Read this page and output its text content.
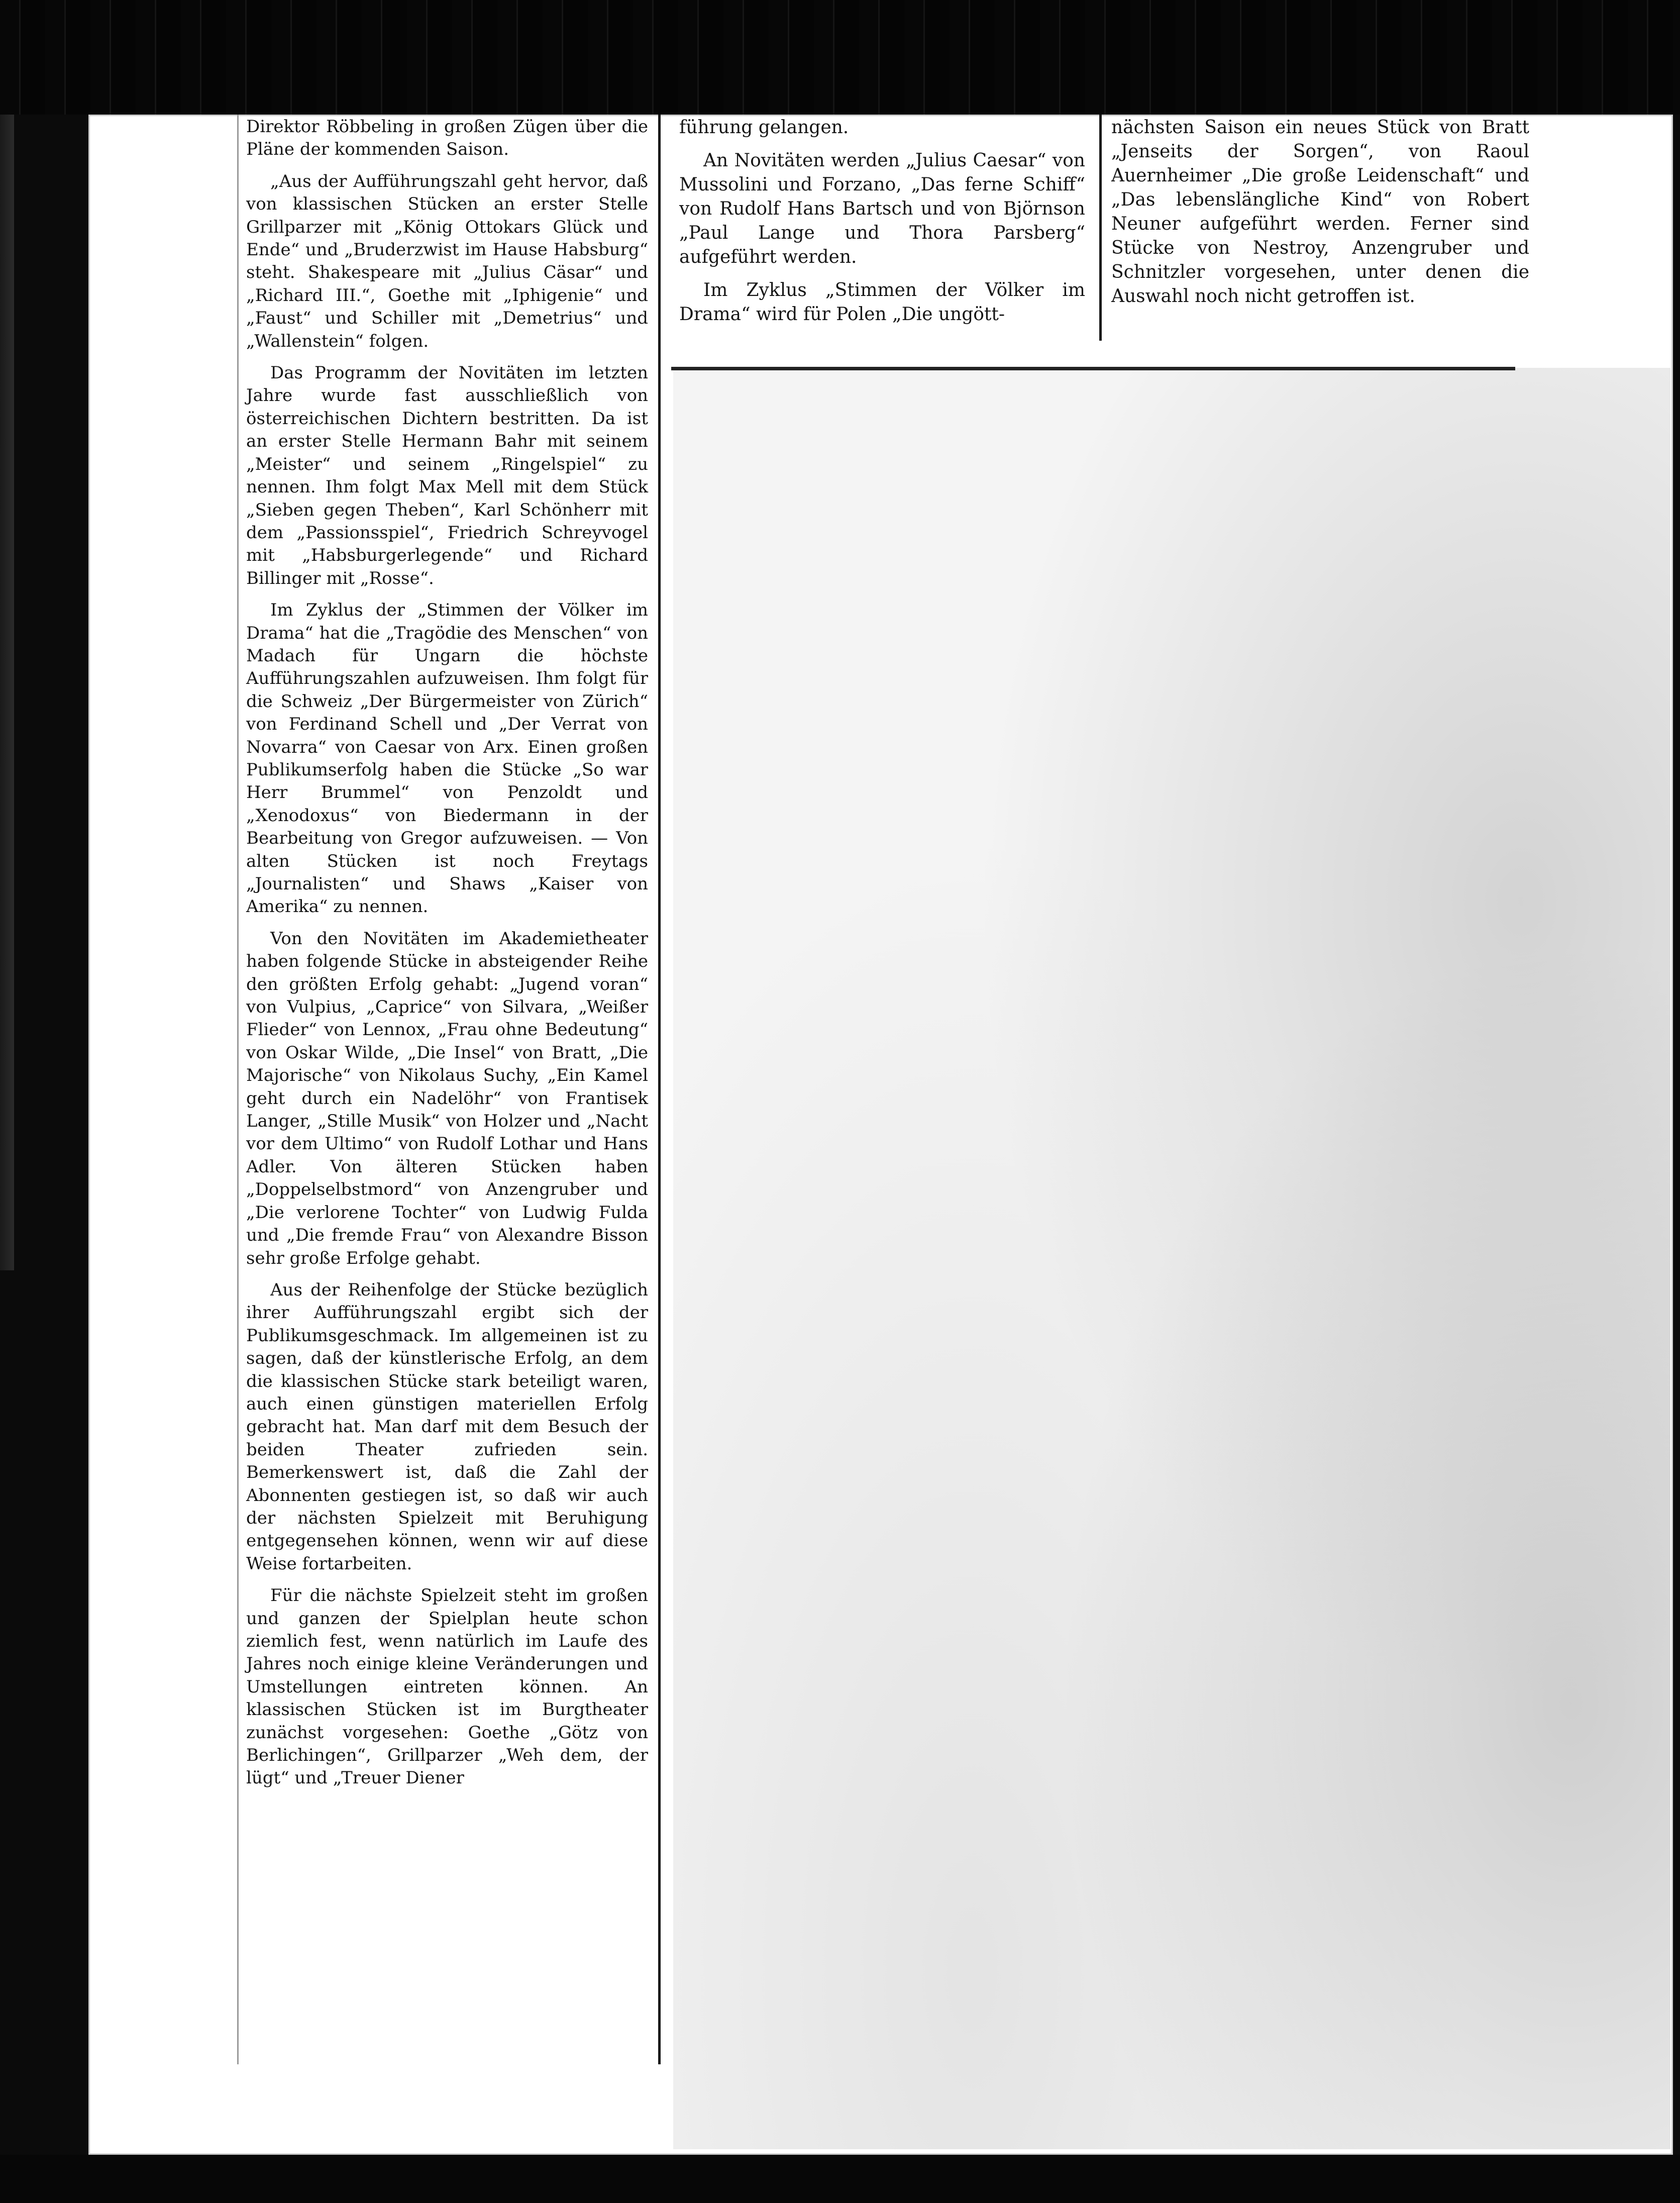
Direktor Röbbeling in großen Zügen über die Pläne der kommenden Saison.

„Aus der Aufführungszahl geht hervor, daß von klassischen Stücken an erster Stelle Grillparzer mit „König Ottokars Glück und Ende“ und „Bruderzwist im Hause Habsburg“ steht. Shakespeare mit „Julius Cäsar“ und „Richard III.“, Goethe mit „Iphigenie“ und „Faust“ und Schiller mit „Demetrius“ und „Wallenstein“ folgen.

Das Programm der Novitäten im letzten Jahre wurde fast ausschließlich von österreichischen Dichtern bestritten. Da ist an erster Stelle Hermann Bahr mit seinem „Meister“ und seinem „Ringelspiel“ zu nennen. Ihm folgt Max Mell mit dem Stück „Sieben gegen Theben“, Karl Schönherr mit dem „Passionsspiel“, Friedrich Schreyvogel mit „Habsburgerlegende“ und Richard Billinger mit „Rosse“.

Im Zyklus der „Stimmen der Völker im Drama“ hat die „Tragödie des Menschen“ von Madach für Ungarn die höchste Aufführungszahlen aufzuweisen. Ihm folgt für die Schweiz „Der Bürgermeister von Zürich“ von Ferdinand Schell und „Der Verrat von Novarra“ von Caesar von Arx. Einen großen Publikumserfolg haben die Stücke „So war Herr Brummel“ von Penzoldt und „Xenodoxus“ von Biedermann in der Bearbeitung von Gregor aufzuweisen. — Von alten Stücken ist noch Freytags „Journalisten“ und Shaws „Kaiser von Amerika“ zu nennen.

Von den Novitäten im Akademietheater haben folgende Stücke in absteigender Reihe den größten Erfolg gehabt: „Jugend voran“ von Vulpius, „Caprice“ von Silvara, „Weißer Flieder“ von Lennox, „Frau ohne Bedeutung“ von Oskar Wilde, „Die Insel“ von Bratt, „Die Majorische“ von Nikolaus Suchy, „Ein Kamel geht durch ein Nadelöhr“ von Frantisek Langer, „Stille Musik“ von Holzer und „Nacht vor dem Ultimo“ von Rudolf Lothar und Hans Adler. Von älteren Stücken haben „Doppelselbstmord“ von Anzengruber und „Die verlorene Tochter“ von Ludwig Fulda und „Die fremde Frau“ von Alexandre Bisson sehr große Erfolge gehabt.

Aus der Reihenfolge der Stücke bezüglich ihrer Aufführungszahl ergibt sich der Publikumsgeschmack. Im allgemeinen ist zu sagen, daß der künstlerische Erfolg, an dem die klassischen Stücke stark beteiligt waren, auch einen günstigen materiellen Erfolg gebracht hat. Man darf mit dem Besuch der beiden Theater zufrieden sein. Bemerkenswert ist, daß die Zahl der Abonnenten gestiegen ist, so daß wir auch der nächsten Spielzeit mit Beruhigung entgegensehen können, wenn wir auf diese Weise fortarbeiten.

Für die nächste Spielzeit steht im großen und ganzen der Spielplan heute schon ziemlich fest, wenn natürlich im Laufe des Jahres noch einige kleine Veränderungen und Umstellungen eintreten können. An klassischen Stücken ist im Burgtheater zunächst vorgesehen: Goethe „Götz von Berlichingen“, Grillparzer „Weh dem, der lügt“ und „Treuer Diener

führung gelangen.

An Novitäten werden „Julius Caesar“ von Mussolini und Forzano, „Das ferne Schiff“ von Rudolf Hans Bartsch und von Björnson „Paul Lange und Thora Parsberg“ aufgeführt werden.

Im Zyklus „Stimmen der Völker im Drama“ wird für Polen „Die ungött-

nächsten Saison ein neues Stück von Bratt „Jenseits der Sorgen“, von Raoul Auernheimer „Die große Leidenschaft“ und „Das lebenslängliche Kind“ von Robert Neuner aufgeführt werden. Ferner sind Stücke von Nestroy, Anzengruber und Schnitzler vorgesehen, unter denen die Auswahl noch nicht getroffen ist.
